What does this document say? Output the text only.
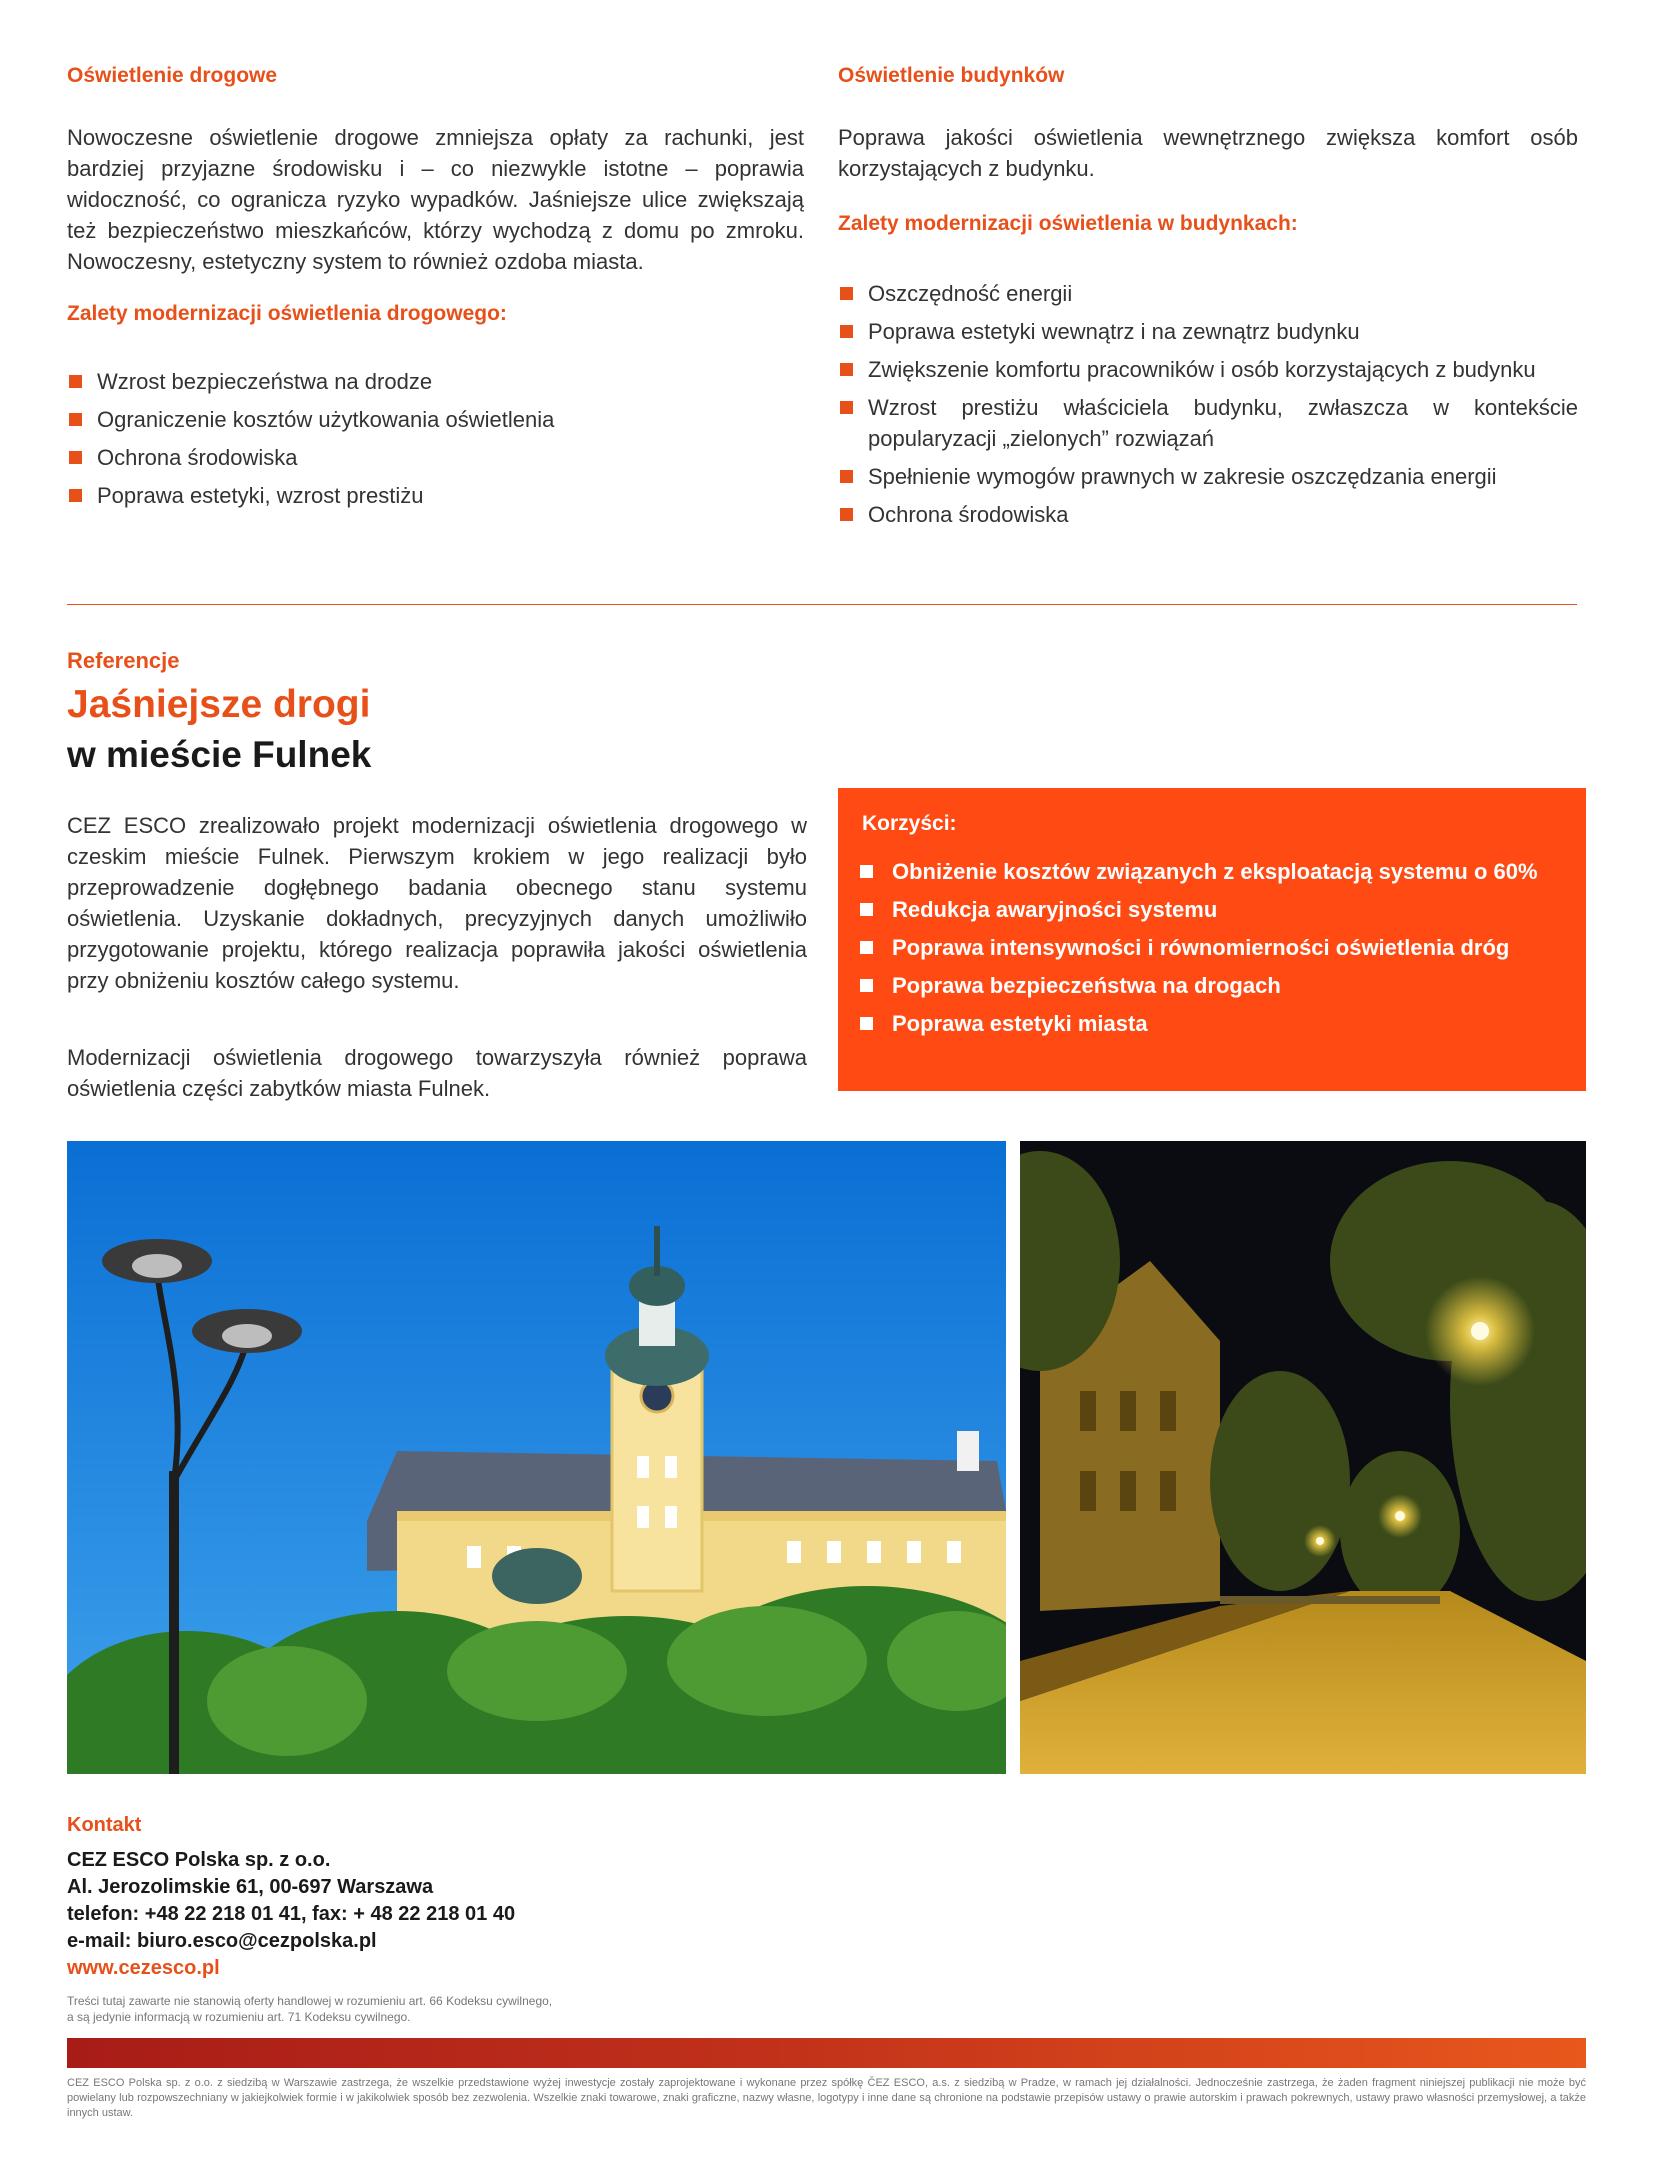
Oświetlenie drogowe
Nowoczesne oświetlenie drogowe zmniejsza opłaty za rachunki, jest bardziej przyjazne środowisku i – co niezwykle istotne – poprawia widoczność, co ogranicza ryzyko wypadków. Jaśniejsze ulice zwiększają też bezpieczeństwo mieszkańców, którzy wychodzą z domu po zmroku. Nowoczesny, estetyczny system to również ozdoba miasta.
Zalety modernizacji oświetlenia drogowego:
Wzrost bezpieczeństwa na drodze
Ograniczenie kosztów użytkowania oświetlenia
Ochrona środowiska
Poprawa estetyki, wzrost prestiżu
Oświetlenie budynków
Poprawa jakości oświetlenia wewnętrznego zwiększa komfort osób korzystających z budynku.
Zalety modernizacji oświetlenia w budynkach:
Oszczędność energii
Poprawa estetyki wewnątrz i na zewnątrz budynku
Zwiększenie komfortu pracowników i osób korzystających z budynku
Wzrost prestiżu właściciela budynku, zwłaszcza w kontekście popularyzacji „zielonych” rozwiązań
Spełnienie wymogów prawnych w zakresie oszczędzania energii
Ochrona środowiska
Referencje
Jaśniejsze drogi
w mieście Fulnek
CEZ ESCO zrealizowało projekt modernizacji oświetlenia drogowego w czeskim mieście Fulnek. Pierwszym krokiem w jego realizacji było przeprowadzenie dogłębnego badania obecnego stanu systemu oświetlenia. Uzyskanie dokładnych, precyzyjnych danych umożliwiło przygotowanie projektu, którego realizacja poprawiła jakości oświetlenia przy obniżeniu kosztów całego systemu.
Modernizacji oświetlenia drogowego towarzyszyła również poprawa oświetlenia części zabytków miasta Fulnek.
Korzyści:
Obniżenie kosztów związanych z eksploatacją systemu o 60%
Redukcja awaryjności systemu
Poprawa intensywności i równomierności oświetlenia dróg
Poprawa bezpieczeństwa na drogach
Poprawa estetyki miasta
Kontakt
CEZ ESCO Polska sp. z o.o.
Al. Jerozolimskie 61, 00-697 Warszawa
telefon: +48 22 218 01 41, fax: + 48 22 218 01 40
e-mail: biuro.esco@cezpolska.pl
www.cezesco.pl
Treści tutaj zawarte nie stanowią oferty handlowej w rozumieniu art. 66 Kodeksu cywilnego,
a są jedynie informacją w rozumieniu art. 71 Kodeksu cywilnego.
CEZ ESCO Polska sp. z o.o. z siedzibą w Warszawie zastrzega, że wszelkie przedstawione wyżej inwestycje zostały zaprojektowane i wykonane przez spółkę ČEZ ESCO, a.s. z siedzibą w Pradze, w ramach jej działalności. Jednocześnie zastrzega, że żaden fragment niniejszej publikacji nie może być powielany lub rozpowszechniany w jakiejkolwiek formie i w jakikolwiek sposób bez zezwolenia. Wszelkie znaki towarowe, znaki graficzne, nazwy własne, logotypy i inne dane są chronione na podstawie przepisów ustawy o prawie autorskim i prawach pokrewnych, ustawy prawo własności przemysłowej, a także innych ustaw.
